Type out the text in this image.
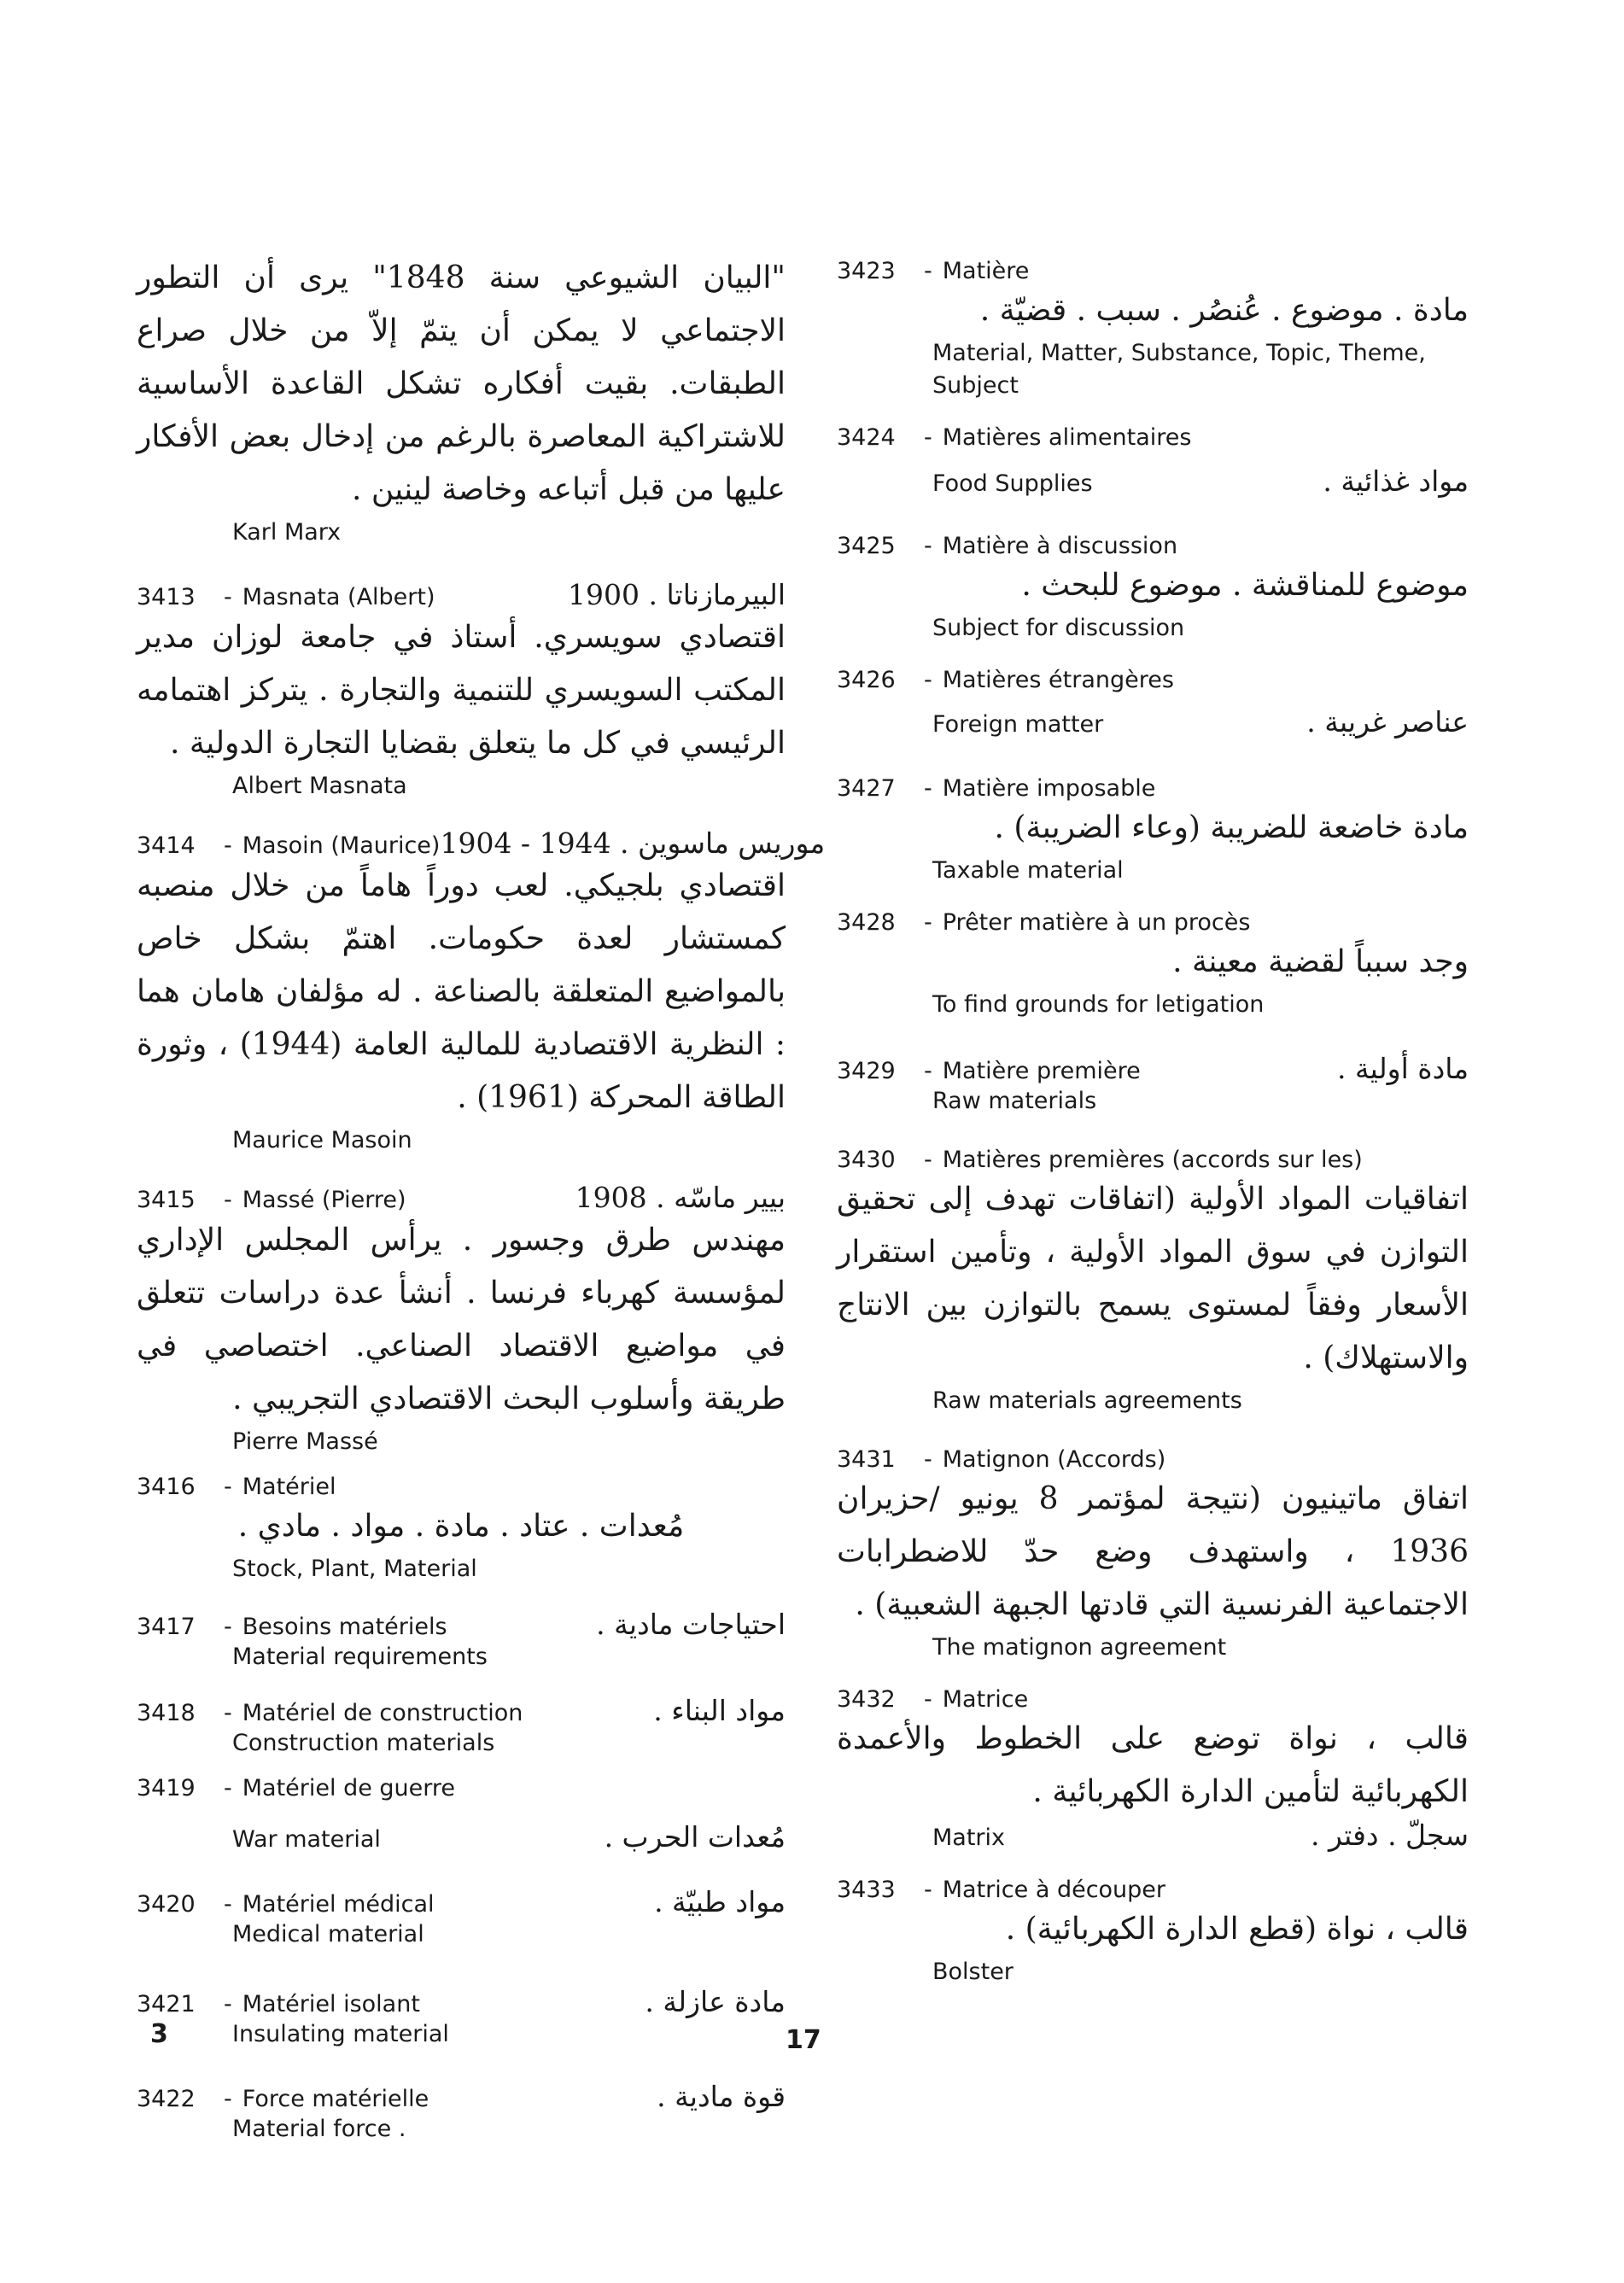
"البيان الشيوعي سنة 1848" يرى أن التطور الاجتماعي لا يمكن أن يتمّ إلاّ من خلال صراع الطبقات. بقيت أفكاره تشكل القاعدة الأساسية للاشتراكية المعاصرة بالرغم من إدخال بعض الأفكار عليها من قبل أتباعه وخاصة لينين .
Karl Marx
3413	- Masnata (Albert)	البيرمازناتا . 1900
اقتصادي سويسري. أستاذ في جامعة لوزان مدير المكتب السويسري للتنمية والتجارة . يتركز اهتمامه الرئيسي في كل ما يتعلق بقضايا التجارة الدولية .
Albert Masnata
3414	- Masoin (Maurice) موريس ماسوين . 1944 - 1904
اقتصادي بلجيكي. لعب دوراً هاماً من خلال منصبه كمستشار لعدة حكومات. اهتمّ بشكل خاص بالمواضيع المتعلقة بالصناعة . له مؤلفان هامان هما : النظرية الاقتصادية للمالية العامة (1944) ، وثورة الطاقة المحركة (1961) .
Maurice Masoin
3415	- Massé (Pierre)	بيير ماسّه . 1908
مهندس طرق وجسور . يرأس المجلس الإداري لمؤسسة كهرباء فرنسا . أنشأ عدة دراسات تتعلق في مواضيع الاقتصاد الصناعي. اختصاصي في طريقة وأسلوب البحث الاقتصادي التجريبي .
Pierre Massé
3416	- Matériel
مُعدات . عتاد . مادة . مواد . مادي .
Stock, Plant, Material
3417	- Besoins matériels	احتياجات مادية .
Material requirements
3418	- Matériel de construction	مواد البناء .
Construction materials
3419	- Matériel de guerre
War material	مُعدات الحرب .
3420	- Matériel médical	مواد طبيّة .
Medical material
3421	- Matériel isolant	مادة عازلة .
Insulating material
3422	- Force matérielle	قوة مادية .
Material force .
3423	- Matière
مادة . موضوع . عُنصُر . سبب . قضيّة .
Material, Matter, Substance, Topic, Theme, Subject
3424	- Matières alimentaires
Food Supplies	مواد غذائية .
3425	- Matière à discussion
موضوع للمناقشة . موضوع للبحث .
Subject for discussion
3426	- Matières étrangères
Foreign matter	عناصر غريبة .
3427	- Matière imposable
مادة خاضعة للضريبة (وعاء الضريبة) .
Taxable material
3428	- Prêter matière à un procès
وجد سبباً لقضية معينة .
To find grounds for letigation
3429	- Matière première	مادة أولية .
Raw materials
3430	- Matières premières (accords sur les)
اتفاقيات المواد الأولية (اتفاقات تهدف إلى تحقيق التوازن في سوق المواد الأولية ، وتأمين استقرار الأسعار وفقاً لمستوى يسمح بالتوازن بين الانتاج والاستهلاك) .
Raw materials agreements
3431	- Matignon (Accords)
اتفاق ماتينيون (نتيجة لمؤتمر 8 يونيو /حزيران 1936 ، واستهدف وضع حدّ للاضطرابات الاجتماعية الفرنسية التي قادتها الجبهة الشعبية) .
The matignon agreement
3432	- Matrice
قالب ، نواة توضع على الخطوط والأعمدة الكهربائية لتأمين الدارة الكهربائية .
Matrix	سجلّ . دفتر .
3433	- Matrice à découper
قالب ، نواة (قطع الدارة الكهربائية) .
Bolster
3	17
